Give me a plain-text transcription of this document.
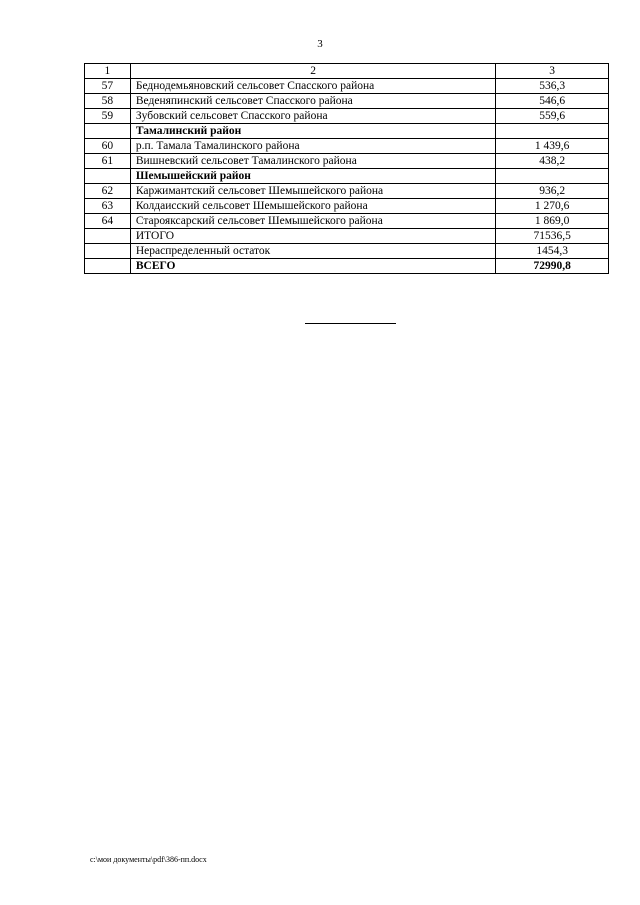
3
1	2	3
57	Беднодемьяновский сельсовет Спасского района	536,3
58	Веденяпинский сельсовет Спасского района	546,6
59	Зубовский сельсовет Спасского района	559,6
	Тамалинский район	
60	р.п. Тамала Тамалинского района	1 439,6
61	Вишневский сельсовет Тамалинского района	438,2
	Шемышейский район	
62	Каржимантский сельсовет Шемышейского района	936,2
63	Колдаисский сельсовет Шемышейского района	1 270,6
64	Старояксарский сельсовет Шемышейского района	1 869,0
	ИТОГО	71536,5
	Нераспределенный остаток	1454,3
	ВСЕГО	72990,8
c:\мои документы\pdf\386-пп.docx
